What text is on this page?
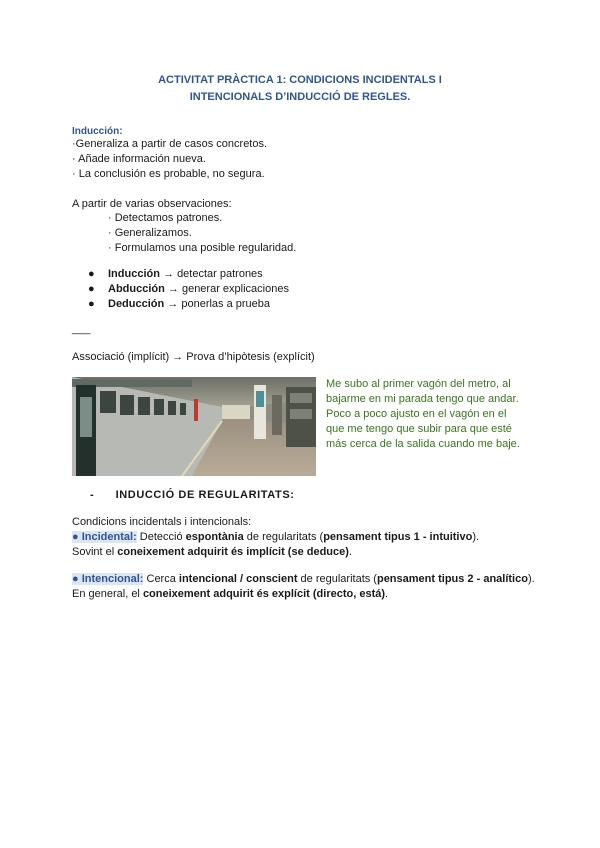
ACTIVITAT PRÀCTICA 1: CONDICIONS INCIDENTALS I
INTENCIONALS D’INDUCCIÓ DE REGLES.
Inducción:
·Generaliza a partir de casos concretos.
· Añade información nueva.
· La conclusión es probable, no segura.
A partir de varias observaciones:
· Detectamos patrones.
· Generalizamos.
· Formulamos una posible regularidad.
● Inducción → detectar patrones
● Abducción → generar explicaciones
● Deducción → ponerlas a prueba
___
Associació (implícit) → Prova d’hipòtesis (explícit)
Me subo al primer vagón del metro, al bajarme en mi parada tengo que andar. Poco a poco ajusto en el vagón en el que me tengo que subir para que esté más cerca de la salida cuando me baje.
- INDUCCIÓ DE REGULARITATS:
Condicions incidentals i intencionals:
● Incidental: Detecció espontània de regularitats (pensament tipus 1 - intuitivo).
Sovint el coneixement adquirit és implícit (se deduce).
● Intencional: Cerca intencional / conscient de regularitats (pensament tipus 2 - analítico). En general, el coneixement adquirit és explícit (directo, está).
